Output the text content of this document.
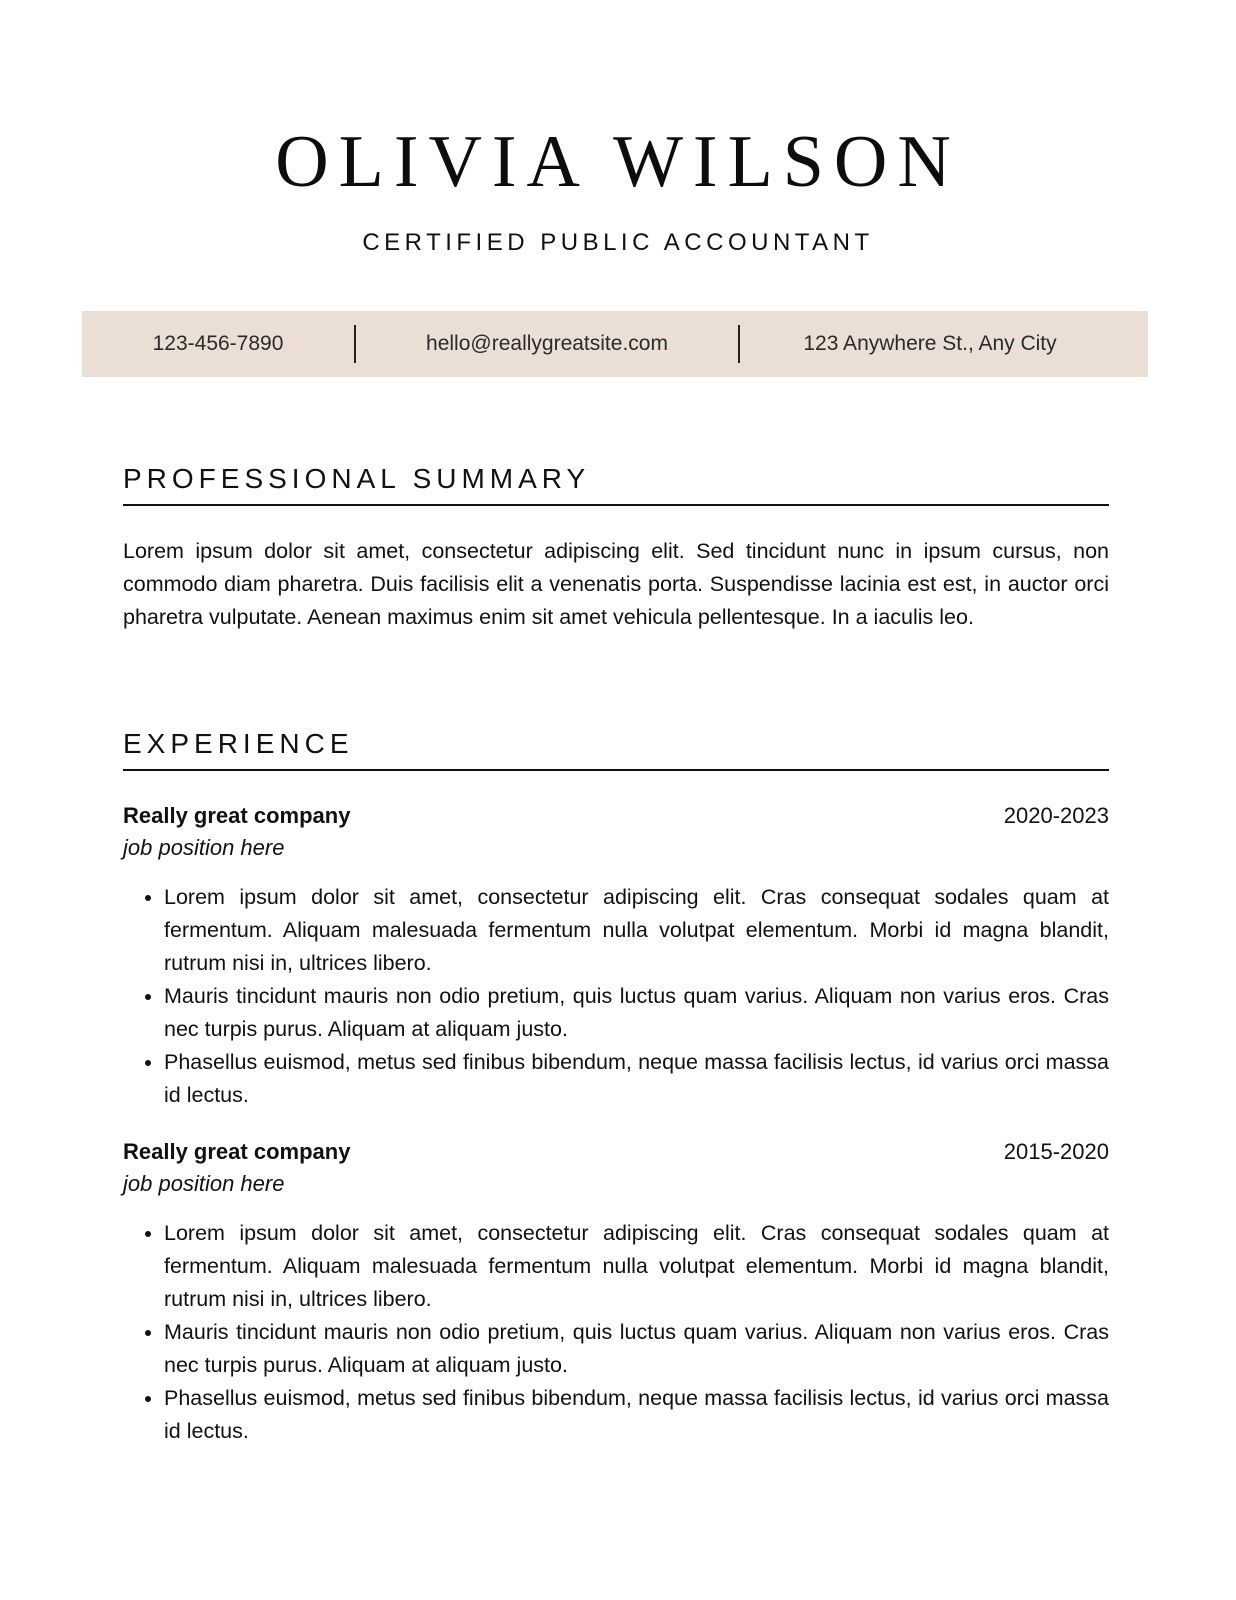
OLIVIA WILSON
CERTIFIED PUBLIC ACCOUNTANT
123-456-7890	hello@reallygreatsite.com	123 Anywhere St., Any City
PROFESSIONAL SUMMARY
Lorem ipsum dolor sit amet, consectetur adipiscing elit. Sed tincidunt nunc in ipsum cursus, non commodo diam pharetra. Duis facilisis elit a venenatis porta. Suspendisse lacinia est est, in auctor orci pharetra vulputate. Aenean maximus enim sit amet vehicula pellentesque. In a iaculis leo.
EXPERIENCE
Really great company	2020-2023
job position here
• Lorem ipsum dolor sit amet, consectetur adipiscing elit. Cras consequat sodales quam at fermentum. Aliquam malesuada fermentum nulla volutpat elementum. Morbi id magna blandit, rutrum nisi in, ultrices libero.
• Mauris tincidunt mauris non odio pretium, quis luctus quam varius. Aliquam non varius eros. Cras nec turpis purus. Aliquam at aliquam justo.
• Phasellus euismod, metus sed finibus bibendum, neque massa facilisis lectus, id varius orci massa id lectus.
Really great company	2015-2020
job position here
• Lorem ipsum dolor sit amet, consectetur adipiscing elit. Cras consequat sodales quam at fermentum. Aliquam malesuada fermentum nulla volutpat elementum. Morbi id magna blandit, rutrum nisi in, ultrices libero.
• Mauris tincidunt mauris non odio pretium, quis luctus quam varius. Aliquam non varius eros. Cras nec turpis purus. Aliquam at aliquam justo.
• Phasellus euismod, metus sed finibus bibendum, neque massa facilisis lectus, id varius orci massa id lectus.
